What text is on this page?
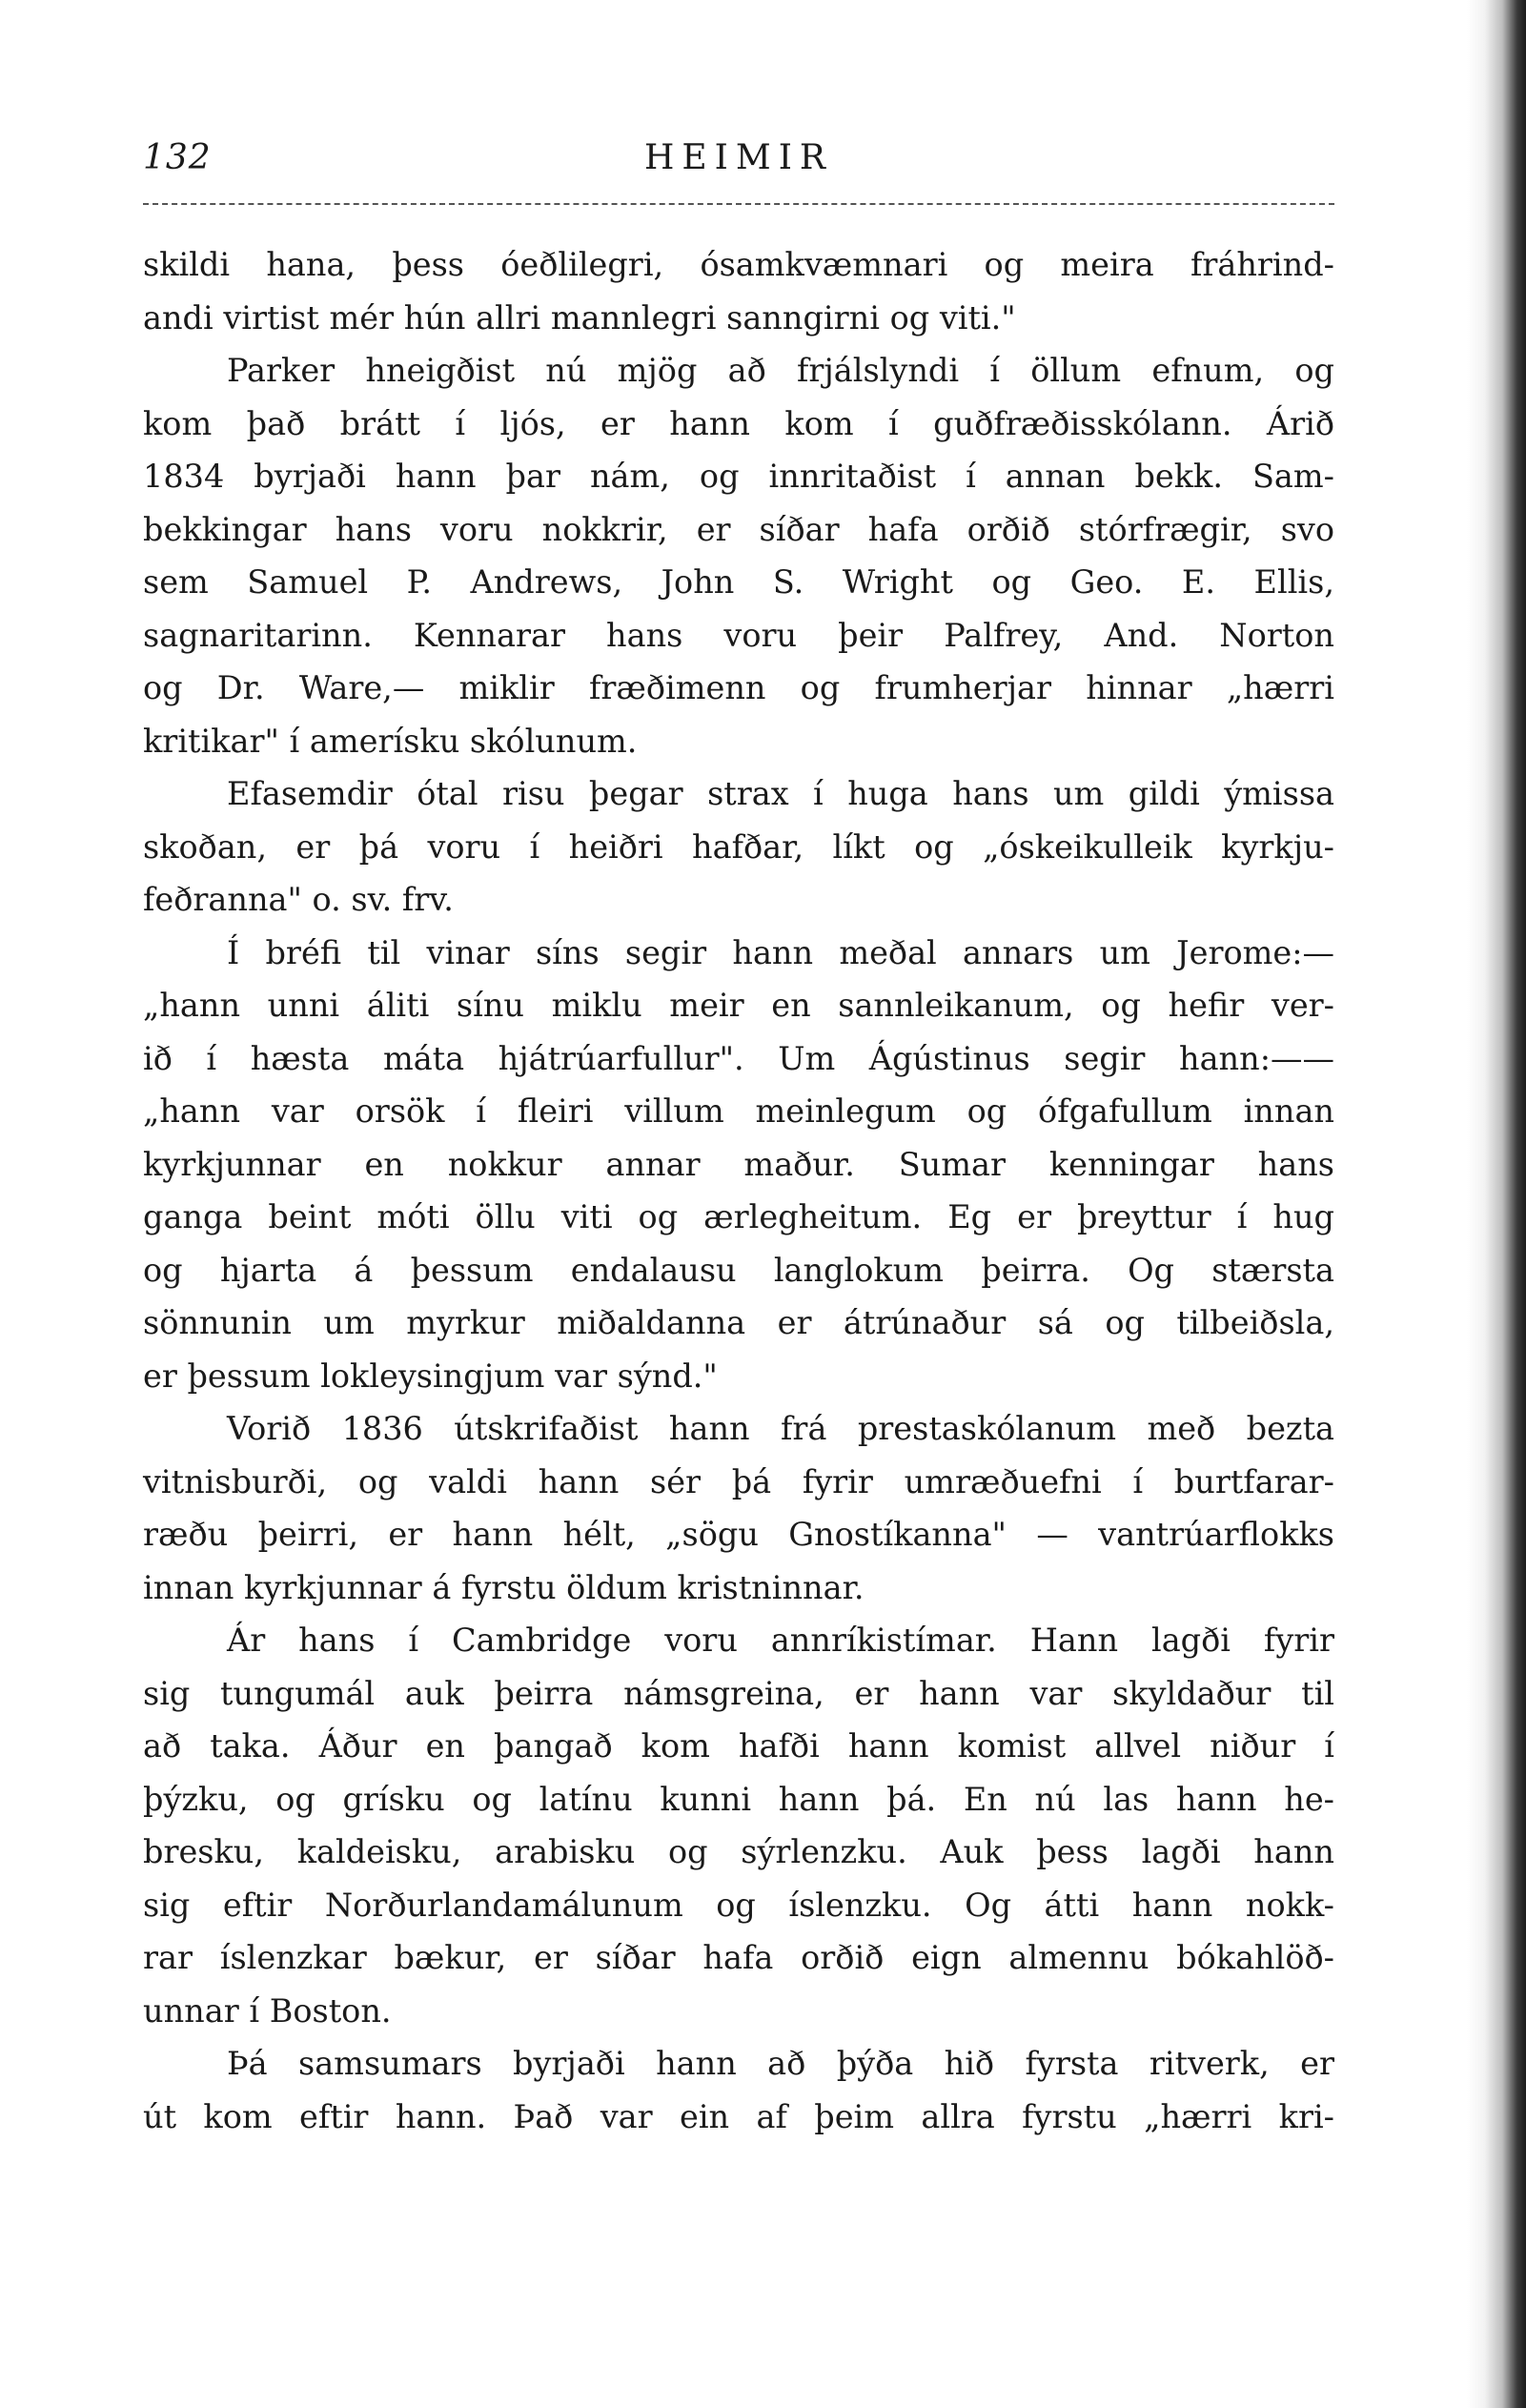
132	HEIMIR
skildi hana, þess óeðlilegri, ósamkvæmnari og meira fráhrind-
andi virtist mér hún allri mannlegri sanngirni og viti."
Parker hneigðist nú mjög að frjálslyndi í öllum efnum, og
kom það brátt í ljós, er hann kom í guðfræðisskólann. Árið
1834 byrjaði hann þar nám, og innritaðist í annan bekk. Sam-
bekkingar hans voru nokkrir, er síðar hafa orðið stórfrægir, svo
sem Samuel P. Andrews, John S. Wright og Geo. E. Ellis,
sagnaritarinn. Kennarar hans voru þeir Palfrey, And. Norton
og Dr. Ware,— miklir fræðimenn og frumherjar hinnar „hærri
kritikar" í amerísku skólunum.
Efasemdir ótal risu þegar strax í huga hans um gildi ýmissa
skoðan, er þá voru í heiðri hafðar, líkt og „óskeikulleik kyrkju-
feðranna" o. sv. frv.
Í bréfi til vinar síns segir hann meðal annars um Jerome:—
„hann unni áliti sínu miklu meir en sannleikanum, og hefir ver-
ið í hæsta máta hjátrúarfullur". Um Ágústinus segir hann:——
„hann var orsök í fleiri villum meinlegum og ófgafullum innan
kyrkjunnar en nokkur annar maður. Sumar kenningar hans
ganga beint móti öllu viti og ærlegheitum. Eg er þreyttur í hug
og hjarta á þessum endalausu langlokum þeirra. Og stærsta
sönnunin um myrkur miðaldanna er átrúnaður sá og tilbeiðsla,
er þessum lokleysingjum var sýnd."
Vorið 1836 útskrifaðist hann frá prestaskólanum með bezta
vitnisburði, og valdi hann sér þá fyrir umræðuefni í burtfarar-
ræðu þeirri, er hann hélt, „sögu Gnostíkanna" — vantrúarflokks
innan kyrkjunnar á fyrstu öldum kristninnar.
Ár hans í Cambridge voru annríkistímar. Hann lagði fyrir
sig tungumál auk þeirra námsgreina, er hann var skyldaður til
að taka. Áður en þangað kom hafði hann komist allvel niður í
þýzku, og grísku og latínu kunni hann þá. En nú las hann he-
bresku, kaldeisku, arabisku og sýrlenzku. Auk þess lagði hann
sig eftir Norðurlandamálunum og íslenzku. Og átti hann nokk-
rar íslenzkar bækur, er síðar hafa orðið eign almennu bókahlöð-
unnar í Boston.
Þá samsumars byrjaði hann að þýða hið fyrsta ritverk, er
út kom eftir hann. Það var ein af þeim allra fyrstu „hærri kri-
